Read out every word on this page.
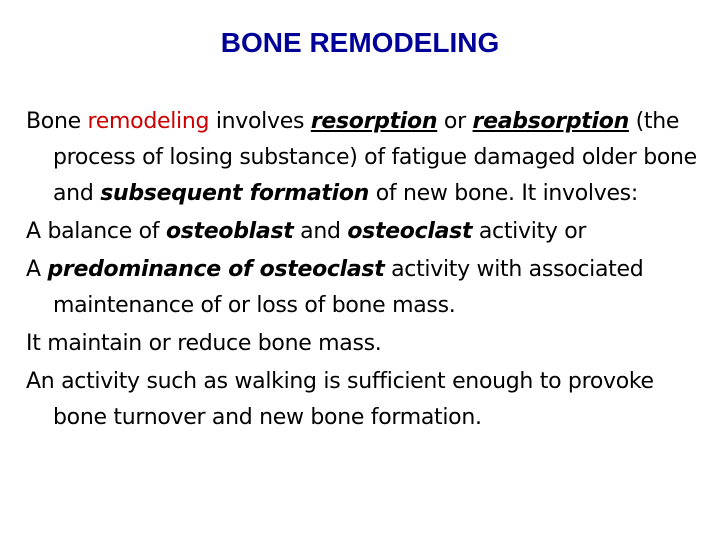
BONE REMODELING

Bone remodeling involves resorption or reabsorption (the process of losing substance) of fatigue damaged older bone and subsequent formation of new bone. It involves:

A balance of osteoblast and osteoclast activity or

A predominance of osteoclast activity with associated maintenance of or loss of bone mass.

It maintain or reduce bone mass.

An activity such as walking is sufficient enough to provoke bone turnover and new bone formation.
